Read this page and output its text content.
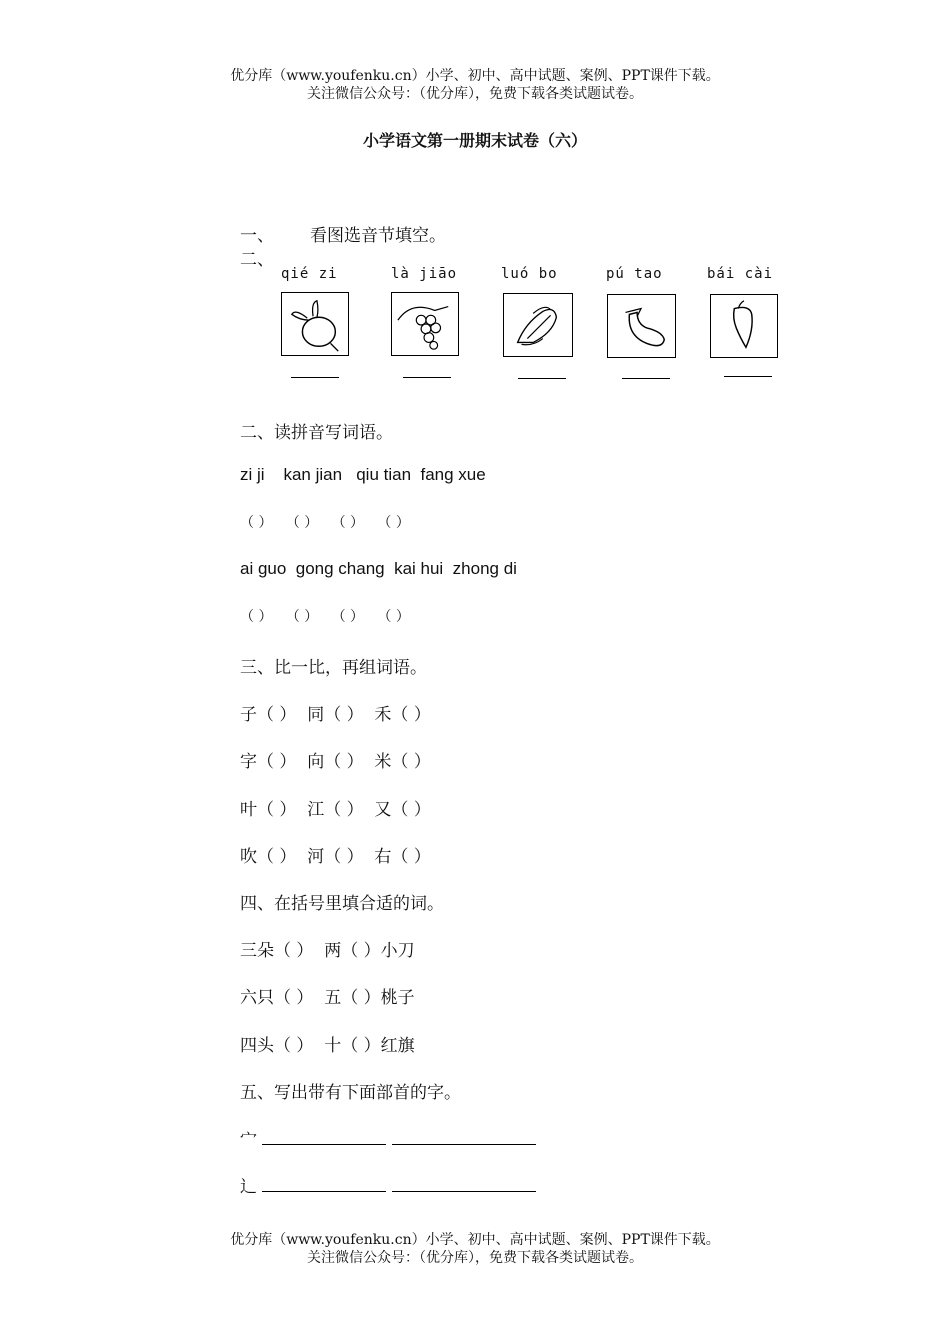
优分库（www.youfenku.cn）小学、初中、高中试题、案例、PPT课件下载。
关注微信公众号：（优分库），免费下载各类试题试卷。
小学语文第一册期末试卷（六）
一、 看图选音节填空。
二、
qié zi	là jiāo	luó bo	pú tao	bái cài
二、读拼音写词语。
zi ji    kan jian   qiu tian  fang xue
（ ）   （ ）   （ ）   （ ）
ai guo  gong chang  kai hui  zhong di
（ ）   （ ）   （ ）   （ ）
三、比一比，再组词语。
子（ ）  同（ ）  禾（ ）
字（ ）  向（ ）  米（ ）
叶（ ）  江（ ）  又（ ）
吹（ ）  河（ ）  右（ ）
四、在括号里填合适的词。
三朵（ ）  两（ ）小刀
六只（ ）  五（ ）桃子
四头（ ）  十（ ）红旗
五、写出带有下面部首的字。
宀
辶
优分库（www.youfenku.cn）小学、初中、高中试题、案例、PPT课件下载。
关注微信公众号：（优分库），免费下载各类试题试卷。
